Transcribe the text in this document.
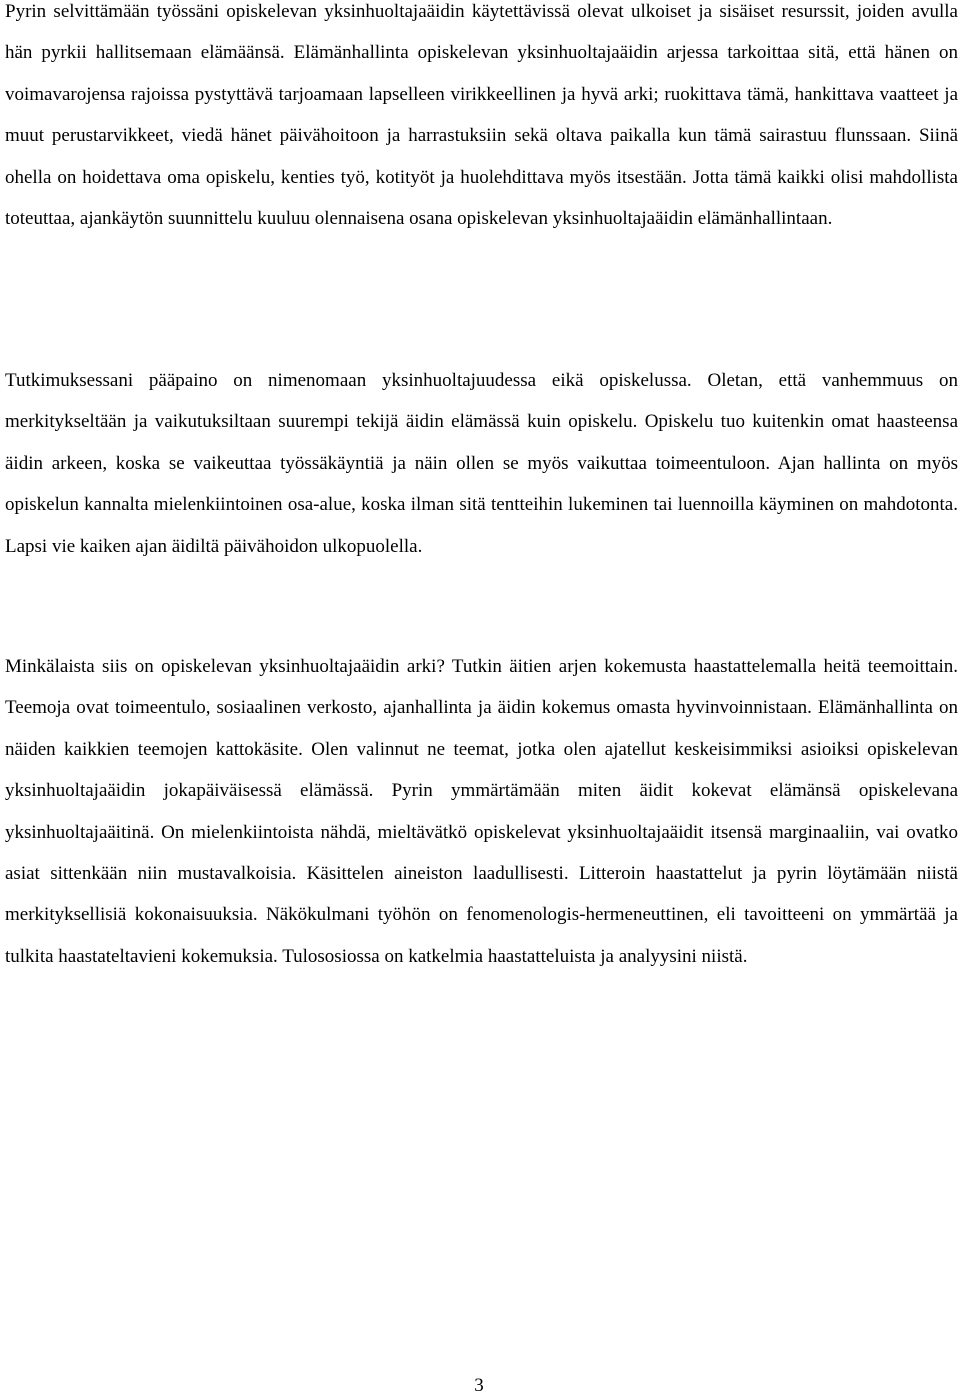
Pyrin selvittämään työssäni opiskelevan yksinhuoltajaäidin käytettävissä olevat ulkoiset ja sisäiset resurssit, joiden avulla hän pyrkii hallitsemaan elämäänsä. Elämänhallinta opiskelevan yksinhuoltajaäidin arjessa tarkoittaa sitä, että hänen on voimavarojensa rajoissa pystyttävä tarjoamaan lapselleen virikkeellinen ja hyvä arki; ruokittava tämä, hankittava vaatteet ja muut perustarvikkeet, viedä hänet päivähoitoon ja harrastuksiin sekä oltava paikalla kun tämä sairastuu flunssaan. Siinä ohella on hoidettava oma opiskelu, kenties työ, kotityöt ja huolehdittava myös itsestään. Jotta tämä kaikki olisi mahdollista toteuttaa, ajankäytön suunnittelu kuuluu olennaisena osana opiskelevan yksinhuoltajaäidin elämänhallintaan.

Tutkimuksessani pääpaino on nimenomaan yksinhuoltajuudessa eikä opiskelussa. Oletan, että vanhemmuus on merkitykseltään ja vaikutuksiltaan suurempi tekijä äidin elämässä kuin opiskelu. Opiskelu tuo kuitenkin omat haasteensa äidin arkeen, koska se vaikeuttaa työssäkäyntiä ja näin ollen se myös vaikuttaa toimeentuloon. Ajan hallinta on myös opiskelun kannalta mielenkiintoinen osa-alue, koska ilman sitä tentteihin lukeminen tai luennoilla käyminen on mahdotonta. Lapsi vie kaiken ajan äidiltä päivähoidon ulkopuolella.

Minkälaista siis on opiskelevan yksinhuoltajaäidin arki? Tutkin äitien arjen kokemusta haastattelemalla heitä teemoittain. Teemoja ovat toimeentulo, sosiaalinen verkosto, ajanhallinta ja äidin kokemus omasta hyvinvoinnistaan. Elämänhallinta on näiden kaikkien teemojen kattokäsite. Olen valinnut ne teemat, jotka olen ajatellut keskeisimmiksi asioiksi opiskelevan yksinhuoltajaäidin jokapäiväisessä elämässä. Pyrin ymmärtämään miten äidit kokevat elämänsä opiskelevana yksinhuoltajaäitinä. On mielenkiintoista nähdä, mieltävätkö opiskelevat yksinhuoltajaäidit itsensä marginaaliin, vai ovatko asiat sittenkään niin mustavalkoisia. Käsittelen aineiston laadullisesti. Litteroin haastattelut ja pyrin löytämään niistä merkityksellisiä kokonaisuuksia. Näkökulmani työhön on fenomenologis-hermeneuttinen, eli tavoitteeni on ymmärtää ja tulkita haastateltavieni kokemuksia. Tulososiossa on katkelmia haastatteluista ja analyysini niistä.

3
